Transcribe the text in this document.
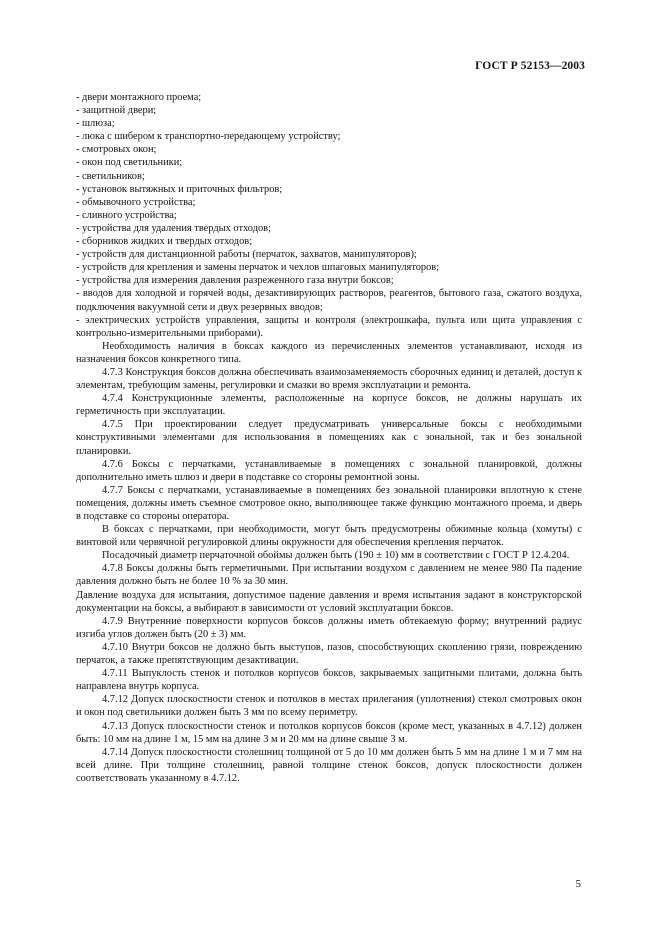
ГОСТ Р 52153—2003
- двери монтажного проема;
- защитной двери;
- шлюза;
- люка с шибером к транспортно-передающему устройству;
- смотровых окон;
- окон под светильники;
- светильников;
- установок вытяжных и приточных фильтров;
- обмывочного устройства;
- сливного устройства;
- устройства для удаления твердых отходов;
- сборников жидких и твердых отходов;
- устройств для дистанционной работы (перчаток, захватов, манипуляторов);
- устройств для крепления и замены перчаток и чехлов шпаговых манипуляторов;
- устройства для измерения давления разреженного газа внутри боксов;

- вводов для холодной и горячей воды, дезактивирующих растворов, реагентов, бытового газа, сжатого воздуха, подключения вакуумной сети и двух резервных вводов;

- электрических устройств управления, защиты и контроля (электрошкафа, пульта или щита управления с контрольно-измерительными приборами).

Необходимость наличия в боксах каждого из перечисленных элементов устанавливают, исходя из назначения боксов конкретного типа.

4.7.3 Конструкция боксов должна обеспечивать взаимозаменяемость сборочных единиц и деталей, доступ к элементам, требующим замены, регулировки и смазки во время эксплуатации и ремонта.

4.7.4 Конструкционные элементы, расположенные на корпусе боксов, не должны нарушать их герметичность при эксплуатации.

4.7.5 При проектировании следует предусматривать универсальные боксы с необходимыми конструктивными элементами для использования в помещениях как с зональной, так и без зональной планировки.

4.7.6 Боксы с перчатками, устанавливаемые в помещениях с зональной планировкой, должны дополнительно иметь шлюз и двери в подставке со стороны ремонтной зоны.

4.7.7 Боксы с перчатками, устанавливаемые в помещениях без зональной планировки вплотную к стене помещения, должны иметь съемное смотровое окно, выполняющее также функцию монтажного проема, и дверь в подставке со стороны оператора.

В боксах с перчатками, при необходимости, могут быть предусмотрены обжимные кольца (хомуты) с винтовой или червячной регулировкой длины окружности для обеспечения крепления перчаток.

Посадочный диаметр перчаточной обоймы должен быть (190 ± 10) мм в соответствии с ГОСТ Р 12.4.204.

4.7.8 Боксы должны быть герметичными. При испытании воздухом с давлением не менее 980 Па падение давления должно быть не более 10 % за 30 мин.

Давление воздуха для испытания, допустимое падение давления и время испытания задают в конструкторской документации на боксы, а выбирают в зависимости от условий эксплуатации боксов.

4.7.9 Внутренние поверхности корпусов боксов должны иметь обтекаемую форму; внутренний радиус изгиба углов должен быть (20 ± 3) мм.

4.7.10 Внутри боксов не должно быть выступов, пазов, способствующих скоплению грязи, повреждению перчаток, а также препятствующим дезактивации.

4.7.11 Выпуклость стенок и потолков корпусов боксов, закрываемых защитными плитами, должна быть направлена внутрь корпуса.

4.7.12 Допуск плоскостности стенок и потолков в местах прилегания (уплотнения) стекол смотровых окон и окон под светильники должен быть 3 мм по всему периметру.

4.7.13 Допуск плоскостности стенок и потолков корпусов боксов (кроме мест, указанных в 4.7.12) должен быть: 10 мм на длине 1 м, 15 мм на длине 3 м и 20 мм на длине свыше 3 м.

4.7.14 Допуск плоскостности столешниц толщиной от 5 до 10 мм должен быть 5 мм на длине 1 м и 7 мм на всей длине. При толщине столешниц, равной толщине стенок боксов, допуск плоскостности должен соответствовать указанному в 4.7.12.

5
